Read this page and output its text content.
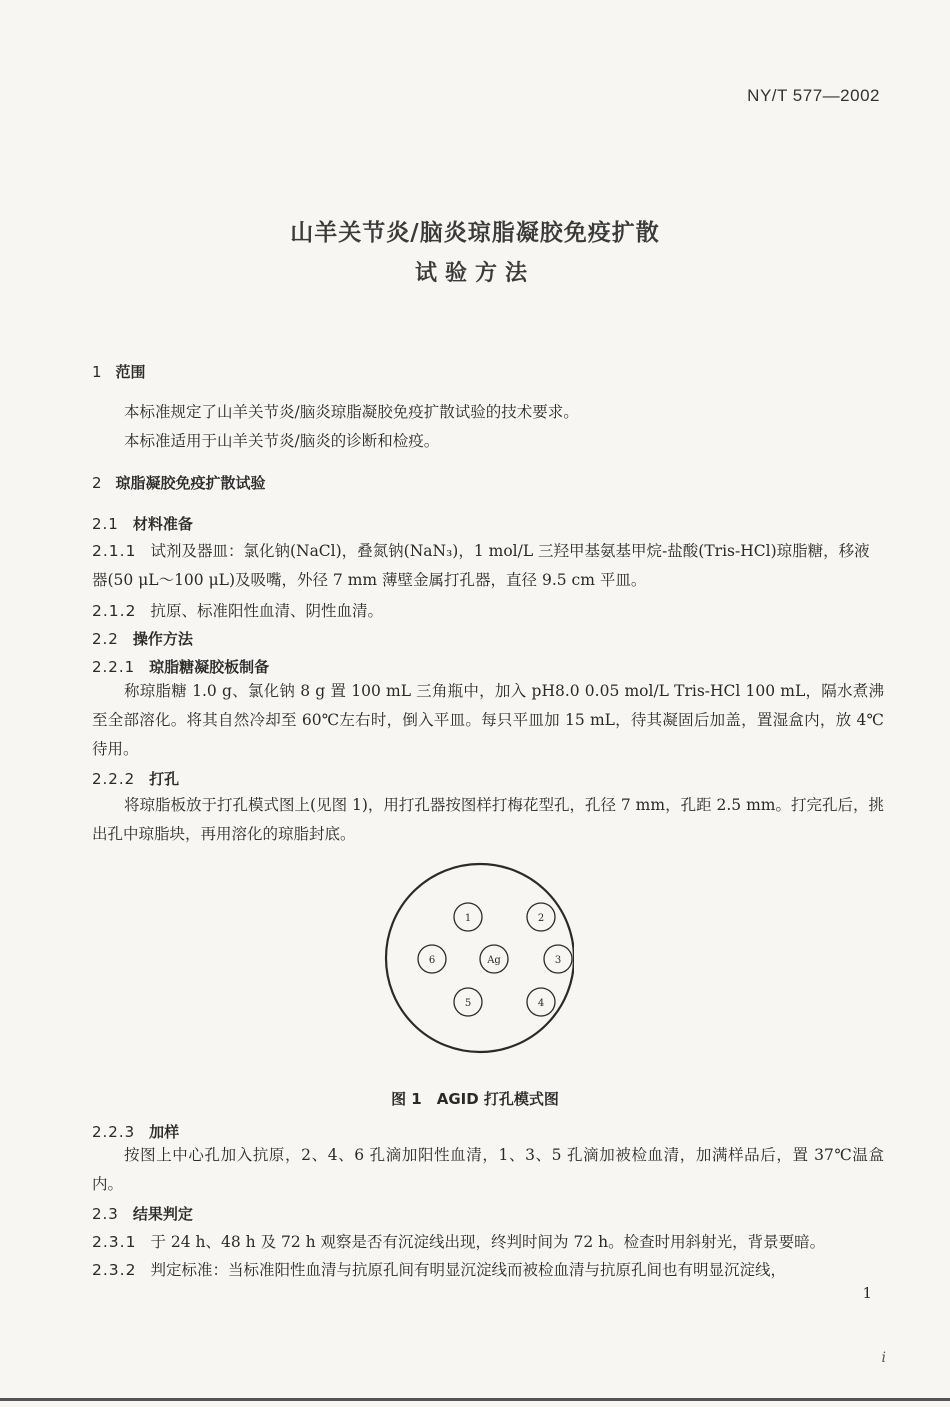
NY/T 577—2002
山羊关节炎/脑炎琼脂凝胶免疫扩散
试验方法
1 范围
本标准规定了山羊关节炎/脑炎琼脂凝胶免疫扩散试验的技术要求。
本标准适用于山羊关节炎/脑炎的诊断和检疫。
2 琼脂凝胶免疫扩散试验
2.1 材料准备
2.1.1 试剂及器皿：氯化钠(NaCl)，叠氮钠(NaN₃)，1 mol/L 三羟甲基氨基甲烷-盐酸(Tris-HCl)琼脂糖，移液器(50 μL～100 μL)及吸嘴，外径 7 mm 薄壁金属打孔器，直径 9.5 cm 平皿。
2.1.2 抗原、标准阳性血清、阴性血清。
2.2 操作方法
2.2.1 琼脂糖凝胶板制备
称琼脂糖 1.0 g、氯化钠 8 g 置 100 mL 三角瓶中，加入 pH8.0 0.05 mol/L Tris-HCl 100 mL，隔水煮沸至全部溶化。将其自然冷却至 60℃左右时，倒入平皿。每只平皿加 15 mL，待其凝固后加盖，置湿盒内，放 4℃待用。
2.2.2 打孔
将琼脂板放于打孔模式图上(见图 1)，用打孔器按图样打梅花型孔，孔径 7 mm，孔距 2.5 mm。打完孔后，挑出孔中琼脂块，再用溶化的琼脂封底。
1	2
3
4
5
6	Ag
图 1　AGID 打孔模式图
2.2.3 加样
按图上中心孔加入抗原，2、4、6 孔滴加阳性血清，1、3、5 孔滴加被检血清，加满样品后，置 37℃温盒内。
2.3 结果判定
2.3.1 于 24 h、48 h 及 72 h 观察是否有沉淀线出现，终判时间为 72 h。检查时用斜射光，背景要暗。
2.3.2 判定标准：当标准阳性血清与抗原孔间有明显沉淀线而被检血清与抗原孔间也有明显沉淀线，
1
i
